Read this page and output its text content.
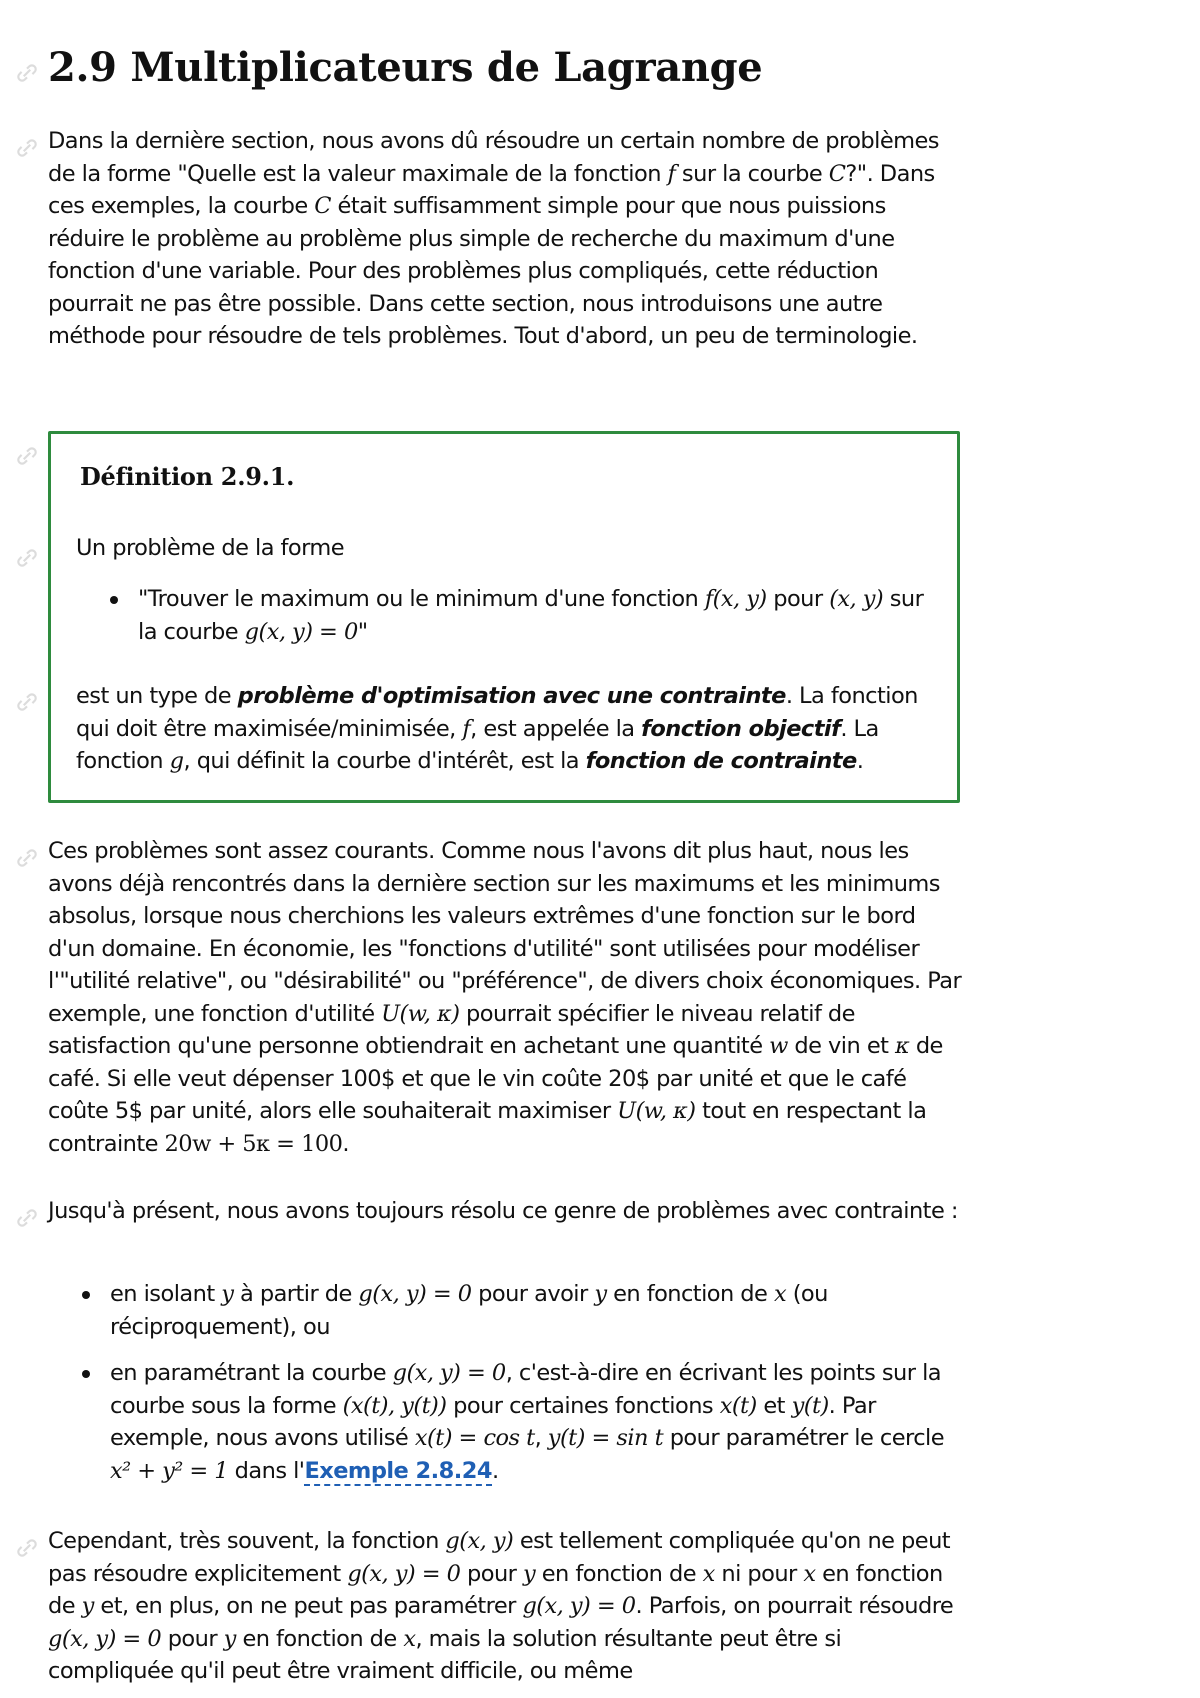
2.9 Multiplicateurs de Lagrange

Dans la dernière section, nous avons dû résoudre un certain nombre de problèmes de la forme "Quelle est la valeur maximale de la fonction f sur la courbe C?". Dans ces exemples, la courbe C était suffisamment simple pour que nous puissions réduire le problème au problème plus simple de recherche du maximum d'une fonction d'une variable. Pour des problèmes plus compliqués, cette réduction pourrait ne pas être possible. Dans cette section, nous introduisons une autre méthode pour résoudre de tels problèmes. Tout d'abord, un peu de terminologie.

Définition 2.9.1.

Un problème de la forme

"Trouver le maximum ou le minimum d'une fonction f(x, y) pour (x, y) sur la courbe g(x, y) = 0"

est un type de problème d'optimisation avec une contrainte. La fonction qui doit être maximisée/minimisée, f, est appelée la fonction objectif. La fonction g, qui définit la courbe d'intérêt, est la fonction de contrainte.

Ces problèmes sont assez courants. Comme nous l'avons dit plus haut, nous les avons déjà rencontrés dans la dernière section sur les maximums et les minimums absolus, lorsque nous cherchions les valeurs extrêmes d'une fonction sur le bord d'un domaine. En économie, les "fonctions d'utilité" sont utilisées pour modéliser l'"utilité relative", ou "désirabilité" ou "préférence", de divers choix économiques. Par exemple, une fonction d'utilité U(w, κ) pourrait spécifier le niveau relatif de satisfaction qu'une personne obtiendrait en achetant une quantité w de vin et κ de café. Si elle veut dépenser 100$ et que le vin coûte 20$ par unité et que le café coûte 5$ par unité, alors elle souhaiterait maximiser U(w, κ) tout en respectant la contrainte 20w + 5κ = 100.

Jusqu'à présent, nous avons toujours résolu ce genre de problèmes avec contrainte :

en isolant y à partir de g(x, y) = 0 pour avoir y en fonction de x (ou réciproquement), ou
en paramétrant la courbe g(x, y) = 0, c'est-à-dire en écrivant les points sur la courbe sous la forme (x(t), y(t)) pour certaines fonctions x(t) et y(t). Par exemple, nous avons utilisé x(t) = cos t, y(t) = sin t pour paramétrer le cercle x² + y² = 1 dans l'Exemple 2.8.24.

Cependant, très souvent, la fonction g(x, y) est tellement compliquée qu'on ne peut pas résoudre explicitement g(x, y) = 0 pour y en fonction de x ni pour x en fonction de y et, en plus, on ne peut pas paramétrer g(x, y) = 0. Parfois, on pourrait résoudre g(x, y) = 0 pour y en fonction de x, mais la solution résultante peut être si compliquée qu'il peut être vraiment difficile, ou même
